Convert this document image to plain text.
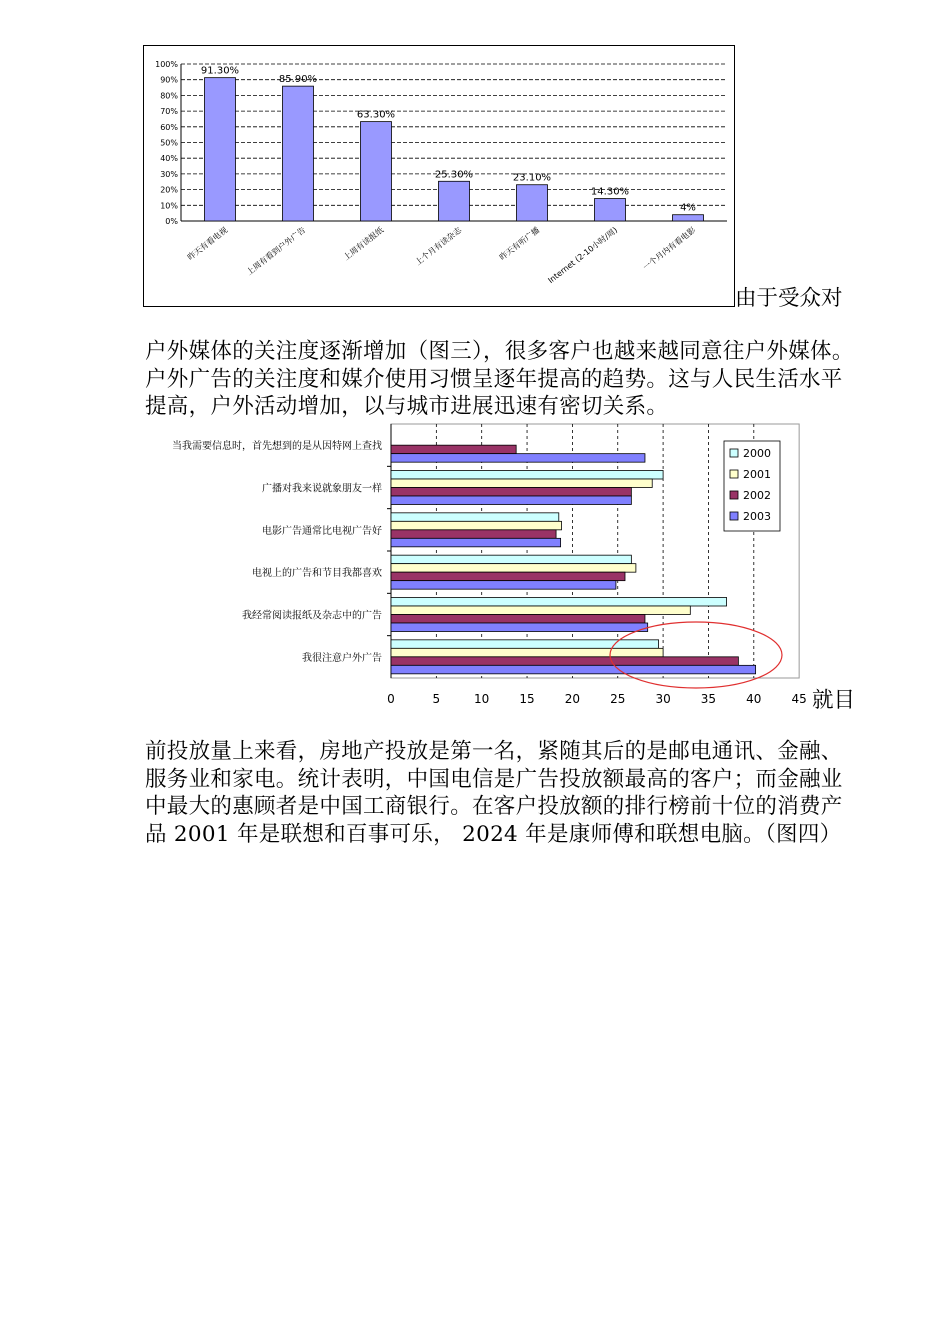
0%
10%
20%
30%
40%
50%
60%
70%
80%
90%
100%
91.30%
昨天有看电视
85.90%
上周有看到户外广告
63.30%
上周有读报纸
25.30%
上个月有读杂志
23.10%
昨天有听广播
14.30%
Internet (2-10小时/周)
4%
一个月内有看电影
由于受众对
户外媒体的关注度逐渐增加（图三），很多客户也越来越同意往户外媒体。户外广告的关注度和媒介使用习惯呈逐年提高的趋势。这与人民生活水平提高，户外活动增加，以与城市进展迅速有密切关系。
0	5	10	15	20	25	30	35	40	45
当我需要信息时，首先想到的是从因特网上查找
广播对我来说就象朋友一样
电影广告通常比电视广告好
电视上的广告和节目我都喜欢
我经常阅读报纸及杂志中的广告
我很注意户外广告
2000
2001
2002
2003
就目
前投放量上来看，房地产投放是第一名，紧随其后的是邮电通讯、金融、服务业和家电。统计表明，中国电信是广告投放额最高的客户；而金融业中最大的惠顾者是中国工商银行。在客户投放额的排行榜前十位的消费产品 2001 年是联想和百事可乐， 2024 年是康师傅和联想电脑。（图四）
